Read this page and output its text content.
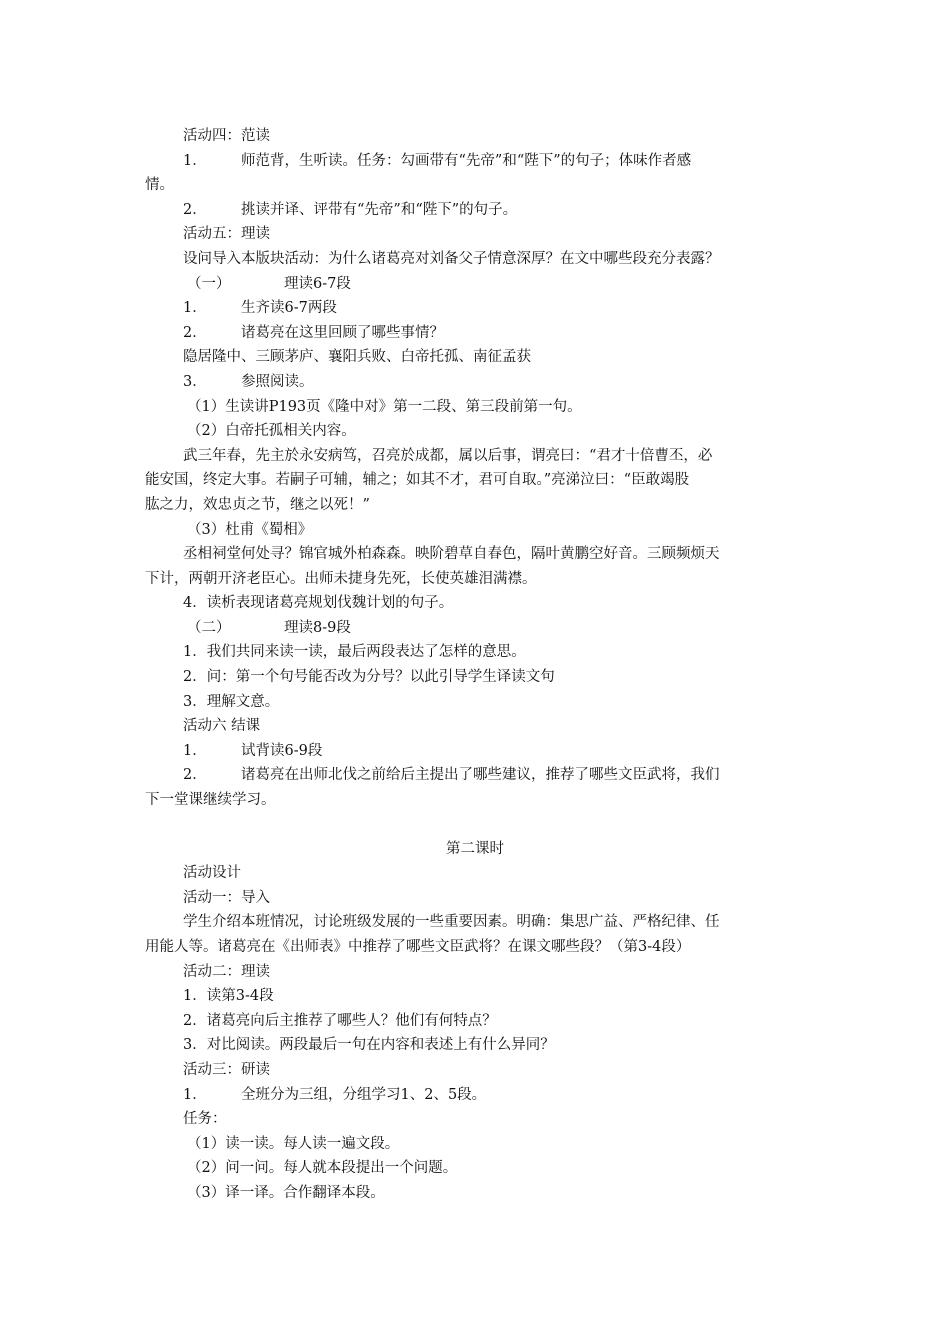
活动四：范读
1． 师范背，生听读。任务：勾画带有“先帝”和“陛下”的句子；体味作者感
情。
2． 挑读并译、评带有“先帝”和“陛下”的句子。
活动五：理读
设问导入本版块活动：为什么诸葛亮对刘备父子情意深厚？在文中哪些段充分表露？
（一）	理读6-7段
1． 生齐读6-7两段
2． 诸葛亮在这里回顾了哪些事情？
隐居隆中、三顾茅庐、襄阳兵败、白帝托孤、南征孟获
3． 参照阅读。
（1）生读讲P193页《隆中对》第一二段、第三段前第一句。
（2）白帝托孤相关内容。
武三年春，先主於永安病笃，召亮於成都，属以后事，谓亮曰：“君才十倍曹丕，必
能安国，终定大事。若嗣子可辅，辅之；如其不才，君可自取。”亮涕泣曰：“臣敢竭股
肱之力，效忠贞之节，继之以死！”
（3）杜甫《蜀相》
丞相祠堂何处寻？锦官城外柏森森。映阶碧草自春色，隔叶黄鹏空好音。三顾频烦天
下计，两朝开济老臣心。出师未捷身先死，长使英雄泪满襟。
4．读析表现诸葛亮规划伐魏计划的句子。
（二）	理读8-9段
1．我们共同来读一读，最后两段表达了怎样的意思。
2．问：第一个句号能否改为分号？以此引导学生译读文句
3．理解文意。
活动六 结课
1． 试背读6-9段
2． 诸葛亮在出师北伐之前给后主提出了哪些建议，推荐了哪些文臣武将，我们
下一堂课继续学习。
第二课时
活动设计
活动一：导入
学生介绍本班情况，讨论班级发展的一些重要因素。明确：集思广益、严格纪律、任
用能人等。诸葛亮在《出师表》中推荐了哪些文臣武将？在课文哪些段？（第3-4段）
活动二：理读
1．读第3-4段
2．诸葛亮向后主推荐了哪些人？他们有何特点？
3．对比阅读。两段最后一句在内容和表述上有什么异同？
活动三：研读
1． 全班分为三组，分组学习1、2、5段。
任务：
（1）读一读。每人读一遍文段。
（2）问一问。每人就本段提出一个问题。
（3）译一译。合作翻译本段。
